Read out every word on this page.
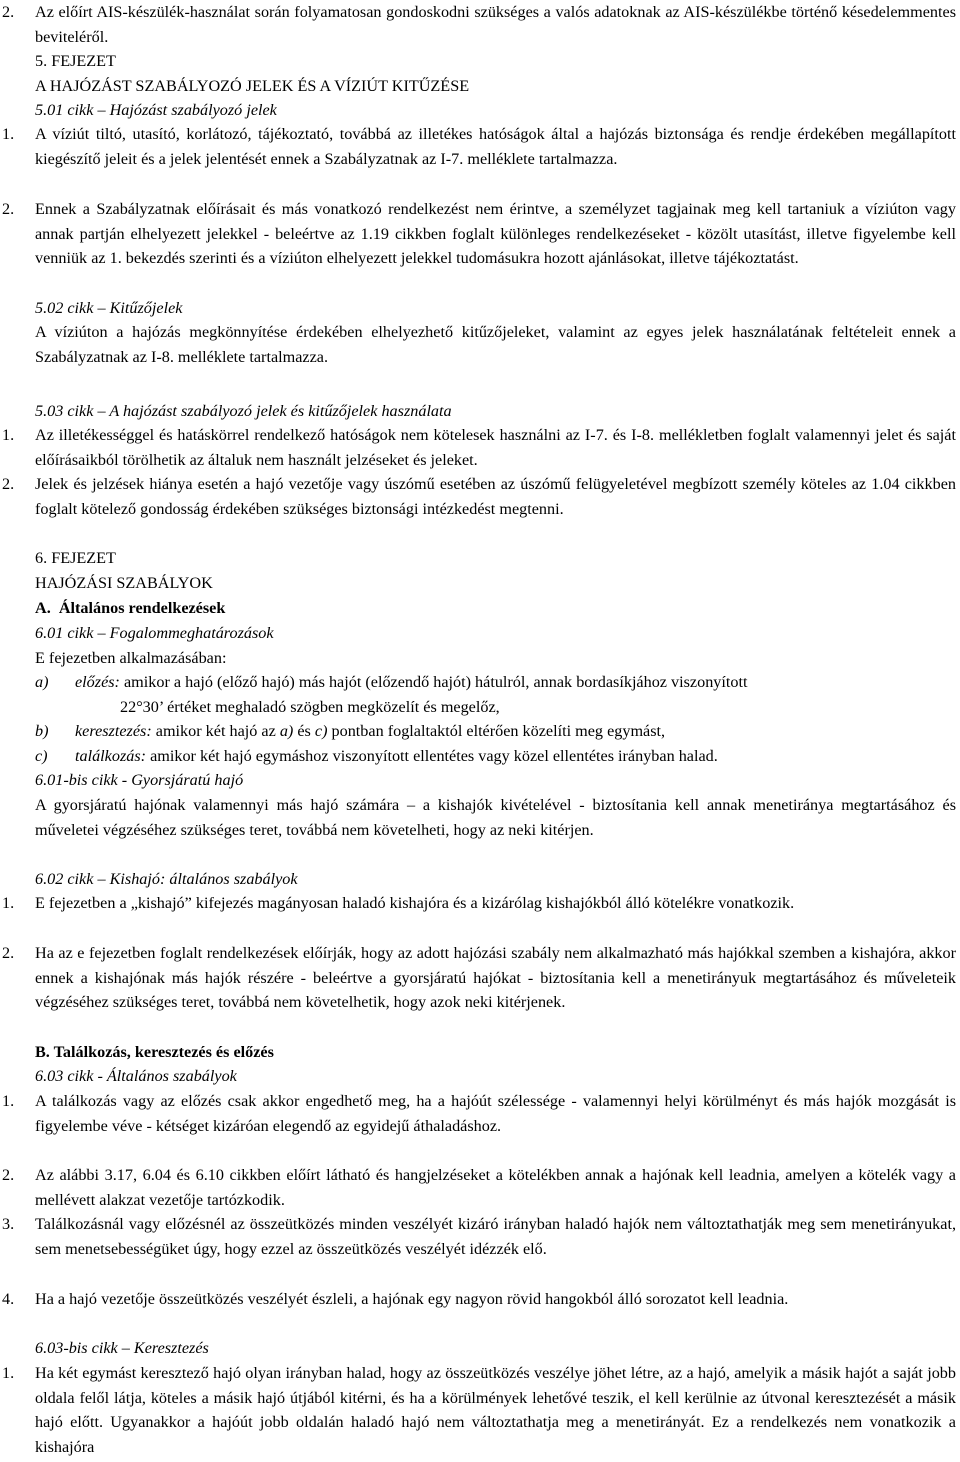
2. Az előírt AIS-készülék-használat során folyamatosan gondoskodni szükséges a valós adatoknak az AIS-készülékbe történő késedelemmentes beviteléről.
5. FEJEZET
A HAJÓZÁST SZABÁLYOZÓ JELEK ÉS A VÍZIÚT KITŰZÉSE
5.01 cikk – Hajózást szabályozó jelek
1. A víziút tiltó, utasító, korlátozó, tájékoztató, továbbá az illetékes hatóságok által a hajózás biztonsága és rendje érdekében megállapított kiegészítő jeleit és a jelek jelentését ennek a Szabályzatnak az I-7. melléklete tartalmazza.
2. Ennek a Szabályzatnak előírásait és más vonatkozó rendelkezést nem érintve, a személyzet tagjainak meg kell tartaniuk a víziúton vagy annak partján elhelyezett jelekkel - beleértve az 1.19 cikkben foglalt különleges rendelkezéseket - közölt utasítást, illetve figyelembe kell venniük az 1. bekezdés szerinti és a víziúton elhelyezett jelekkel tudomásukra hozott ajánlásokat, illetve tájékoztatást.
5.02 cikk – Kitűzőjelek
A víziúton a hajózás megkönnyítése érdekében elhelyezhető kitűzőjeleket, valamint az egyes jelek használatának feltételeit ennek a Szabályzatnak az I-8. melléklete tartalmazza.
5.03 cikk – A hajózást szabályozó jelek és kitűzőjelek használata
1. Az illetékességgel és hatáskörrel rendelkező hatóságok nem kötelesek használni az I-7. és I-8. mellékletben foglalt valamennyi jelet és saját előírásaikból törölhetik az általuk nem használt jelzéseket és jeleket.
2. Jelek és jelzések hiánya esetén a hajó vezetője vagy úszómű esetében az úszómű felügyeletével megbízott személy köteles az 1.04 cikkben foglalt kötelező gondosság érdekében szükséges biztonsági intézkedést megtenni.
6. FEJEZET
HAJÓZÁSI SZABÁLYOK
A. Általános rendelkezések
6.01 cikk – Fogalommeghatározások
E fejezetben alkalmazásában:
a)	előzés: amikor a hajó (előző hajó) más hajót (előzendő hajót) hátulról, annak bordasíkjához viszonyított
22°30’ értéket meghaladó szögben megközelít és megelőz,
b)	keresztezés: amikor két hajó az a) és c) pontban foglaltaktól eltérően közelíti meg egymást,
c)	találkozás: amikor két hajó egymáshoz viszonyított ellentétes vagy közel ellentétes irányban halad.
6.01-bis cikk - Gyorsjáratú hajó
A gyorsjáratú hajónak valamennyi más hajó számára – a kishajók kivételével - biztosítania kell annak menetiránya megtartásához és műveletei végzéséhez szükséges teret, továbbá nem követelheti, hogy az neki kitérjen.
6.02 cikk – Kishajó: általános szabályok
1. E fejezetben a „kishajó” kifejezés magányosan haladó kishajóra és a kizárólag kishajókból álló kötelékre vonatkozik.
2. Ha az e fejezetben foglalt rendelkezések előírják, hogy az adott hajózási szabály nem alkalmazható más hajókkal szemben a kishajóra, akkor ennek a kishajónak más hajók részére - beleértve a gyorsjáratú hajókat - biztosítania kell a menetirányuk megtartásához és műveleteik végzéséhez szükséges teret, továbbá nem követelhetik, hogy azok neki kitérjenek.
B. Találkozás, keresztezés és előzés
6.03 cikk - Általános szabályok
1. A találkozás vagy az előzés csak akkor engedhető meg, ha a hajóút szélessége - valamennyi helyi körülményt és más hajók mozgását is figyelembe véve - kétséget kizáróan elegendő az egyidejű áthaladáshoz.
2. Az alábbi 3.17, 6.04 és 6.10 cikkben előírt látható és hangjelzéseket a kötelékben annak a hajónak kell leadnia, amelyen a kötelék vagy a mellévett alakzat vezetője tartózkodik.
3. Találkozásnál vagy előzésnél az összeütközés minden veszélyét kizáró irányban haladó hajók nem változtathatják meg sem menetirányukat, sem menetsebességüket úgy, hogy ezzel az összeütközés veszélyét idézzék elő.
4. Ha a hajó vezetője összeütközés veszélyét észleli, a hajónak egy nagyon rövid hangokból álló sorozatot kell leadnia.
6.03-bis cikk – Keresztezés
1. Ha két egymást keresztező hajó olyan irányban halad, hogy az összeütközés veszélye jöhet létre, az a hajó, amelyik a másik hajót a saját jobb oldala felől látja, köteles a másik hajó útjából kitérni, és ha a körülmények lehetővé teszik, el kell kerülnie az útvonal keresztezését a másik hajó előtt. Ugyanakkor a hajóút jobb oldalán haladó hajó nem változtathatja meg a menetirányát. Ez a rendelkezés nem vonatkozik a kishajóra
